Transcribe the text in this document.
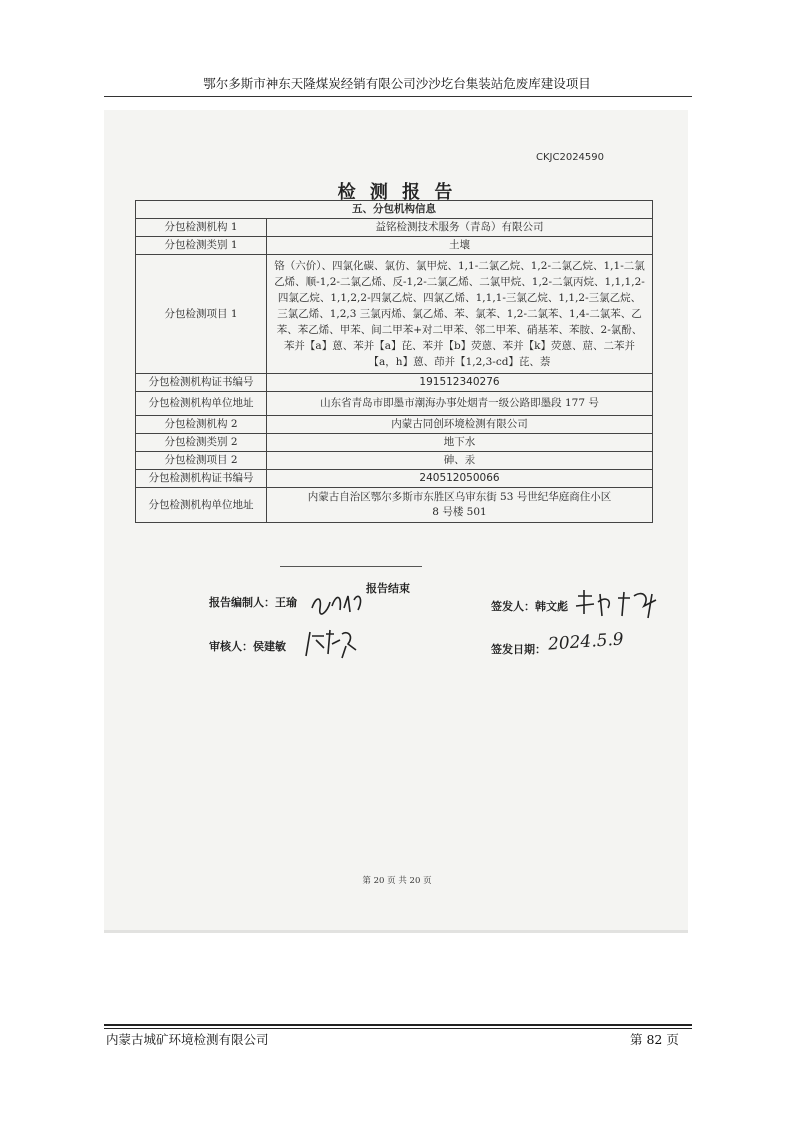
鄂尔多斯市神东天隆煤炭经销有限公司沙沙圪台集装站危废库建设项目
CKJC2024590
检 测 报 告
五、分包机构信息	
分包检测机构 1	益铭检测技术服务（青岛）有限公司
分包检测类别 1	土壤
分包检测项目 1	铬（六价）、四氯化碳、氯仿、氯甲烷、1,1-二氯乙烷、1,2-二氯乙烷、1,1-二氯乙烯、顺-1,2-二氯乙烯、反-1,2-二氯乙烯、二氯甲烷、1,2-二氯丙烷、1,1,1,2-四氯乙烷、1,1,2,2-四氯乙烷、四氯乙烯、1,1,1-三氯乙烷、1,1,2-三氯乙烷、三氯乙烯、1,2,3 三氯丙烯、氯乙烯、苯、氯苯、1,2-二氯苯、1,4-二氯苯、乙苯、苯乙烯、甲苯、间二甲苯+对二甲苯、邻二甲苯、硝基苯、苯胺、2-氯酚、苯并【a】蒽、苯并【a】芘、苯并【b】荧蒽、苯并【k】荧蒽、䓛、二苯并【a，h】蒽、茚并【1,2,3-cd】芘、萘
分包检测机构证书编号	191512340276
分包检测机构单位地址	山东省青岛市即墨市潮海办事处烟青一级公路即墨段 177 号
分包检测机构 2	内蒙古同创环境检测有限公司
分包检测类别 2	地下水
分包检测项目 2	砷、汞
分包检测机构证书编号	240512050066
分包检测机构单位地址	内蒙古自治区鄂尔多斯市东胜区乌审东街 53 号世纪华庭商住小区 8 号楼 501
报告结束
报告编制人：王瑜	签发人：韩文彪
审核人：侯建敏	签发日期： 2024.5.9
第 20 页 共 20 页
内蒙古城矿环境检测有限公司	第 82 页
